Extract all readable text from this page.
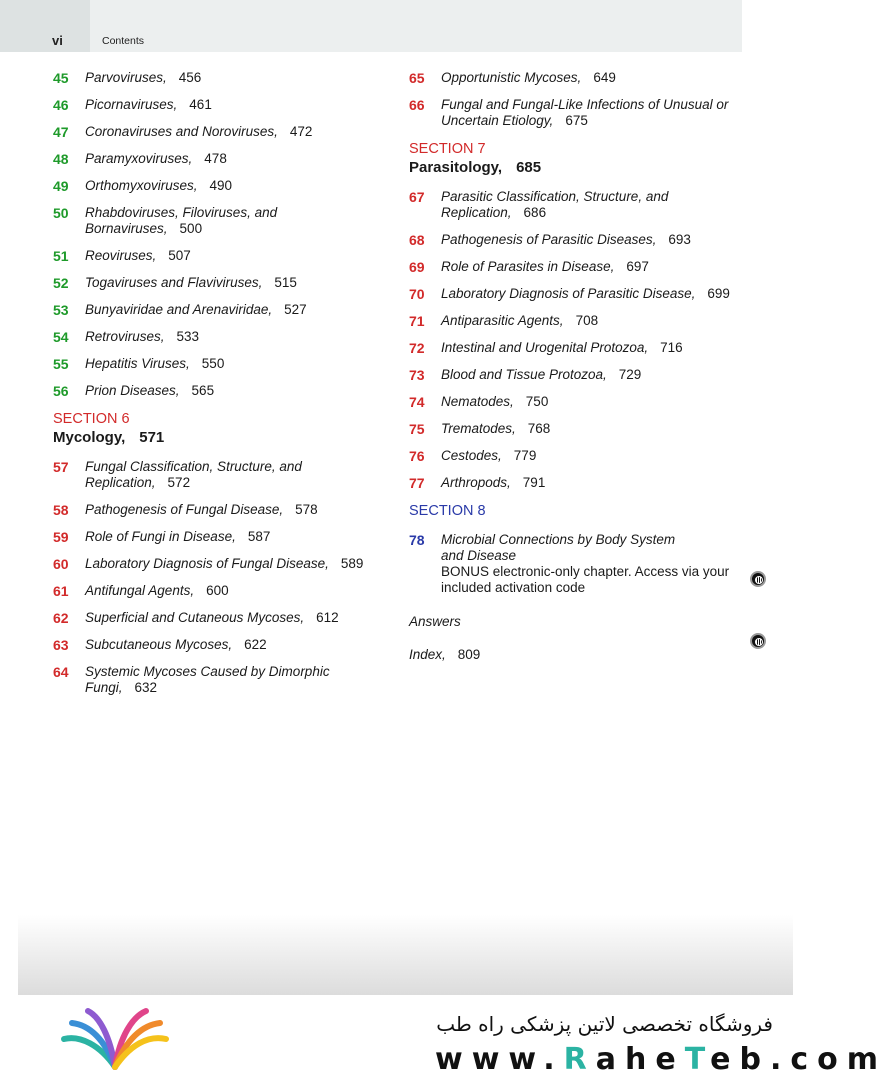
vi	Contents
45	Parvoviruses, 456
46	Picornaviruses, 461
47	Coronaviruses and Noroviruses, 472
48	Paramyxoviruses, 478
49	Orthomyxoviruses, 490
50	Rhabdoviruses, Filoviruses, and
Bornaviruses, 500
51	Reoviruses, 507
52	Togaviruses and Flaviviruses, 515
53	Bunyaviridae and Arenaviridae, 527
54	Retroviruses, 533
55	Hepatitis Viruses, 550
56	Prion Diseases, 565
SECTION 6
Mycology, 571
57	Fungal Classification, Structure, and
Replication, 572
58	Pathogenesis of Fungal Disease, 578
59	Role of Fungi in Disease, 587
60	Laboratory Diagnosis of Fungal Disease, 589
61	Antifungal Agents, 600
62	Superficial and Cutaneous Mycoses, 612
63	Subcutaneous Mycoses, 622
64	Systemic Mycoses Caused by Dimorphic
Fungi, 632
65	Opportunistic Mycoses, 649
66	Fungal and Fungal-Like Infections of Unusual or
Uncertain Etiology, 675
SECTION 7
Parasitology, 685
67	Parasitic Classification, Structure, and
Replication, 686
68	Pathogenesis of Parasitic Diseases, 693
69	Role of Parasites in Disease, 697
70	Laboratory Diagnosis of Parasitic Disease, 699
71	Antiparasitic Agents, 708
72	Intestinal and Urogenital Protozoa, 716
73	Blood and Tissue Protozoa, 729
74	Nematodes, 750
75	Trematodes, 768
76	Cestodes, 779
77	Arthropods, 791
SECTION 8
78	Microbial Connections by Body System
and Disease
BONUS electronic-only chapter. Access via your
included activation code
Answers
Index, 809
فروشگاه تخصصی لاتین پزشکی راه طب
www.RaheTeb.com
